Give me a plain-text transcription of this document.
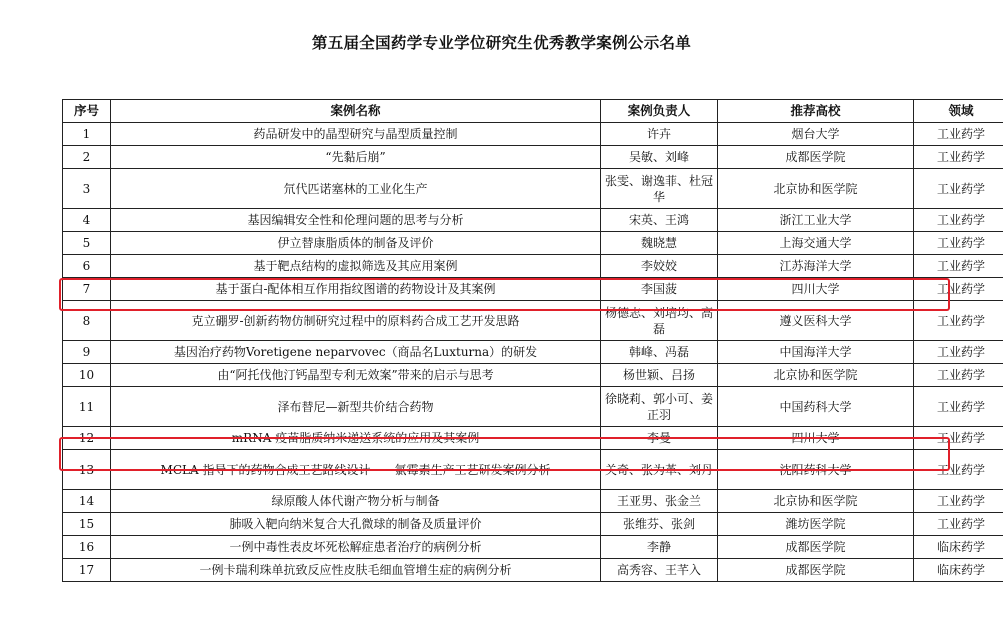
第五届全国药学专业学位研究生优秀教学案例公示名单
序号	案例名称	案例负责人	推荐高校	领域
1	药品研发中的晶型研究与晶型质量控制	许卉	烟台大学	工业药学
2	“先黏后崩”	吴敏、刘峰	成都医学院	工业药学
3	氘代匹诺塞林的工业化生产	张雯、谢逸菲、杜冠华	北京协和医学院	工业药学
4	基因编辑安全性和伦理问题的思考与分析	宋英、王鸿	浙江工业大学	工业药学
5	伊立替康脂质体的制备及评价	魏晓慧	上海交通大学	工业药学
6	基于靶点结构的虚拟筛选及其应用案例	李姣姣	江苏海洋大学	工业药学
7	基于蛋白-配体相互作用指纹图谱的药物设计及其案例	李国菠	四川大学	工业药学
8	克立硼罗-创新药物仿制研究过程中的原料药合成工艺开发思路	杨德志、刘培均、高磊	遵义医科大学	工业药学
9	基因治疗药物Voretigene neparvovec（商品名Luxturna）的研发	韩峰、冯磊	中国海洋大学	工业药学
10	由“阿托伐他汀钙晶型专利无效案”带来的启示与思考	杨世颖、吕扬	北京协和医学院	工业药学
11	泽布替尼—新型共价结合药物	徐晓莉、郭小可、姜正羽	中国药科大学	工业药学
12	mRNA 疫苗脂质纳米递送系统的应用及其案例	李曼	四川大学	工业药学
13	MCLA 指导下的药物合成工艺路线设计——氯霉素生产工艺研发案例分析	关奇、张为革、刘丹	沈阳药科大学	工业药学
14	绿原酸人体代谢产物分析与制备	王亚男、张金兰	北京协和医学院	工业药学
15	肺吸入靶向纳米复合大孔微球的制备及质量评价	张维芬、张剑	潍坊医学院	工业药学
16	一例中毒性表皮坏死松解症患者治疗的病例分析	李静	成都医学院	临床药学
17	一例卡瑞利珠单抗致反应性皮肤毛细血管增生症的病例分析	高秀容、王芊入	成都医学院	临床药学
